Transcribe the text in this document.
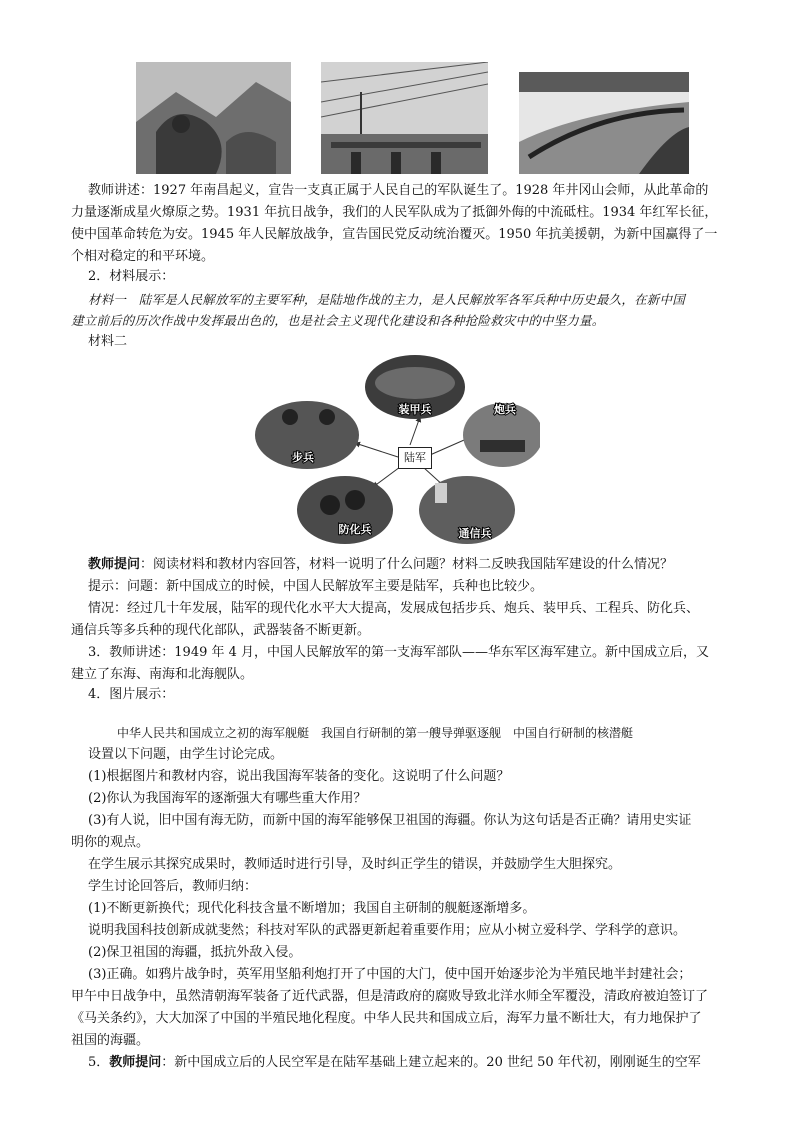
教师讲述：1927 年南昌起义，宣告一支真正属于人民自己的军队诞生了。1928 年井冈山会师，从此革命的
力量逐渐成星火燎原之势。1931 年抗日战争，我们的人民军队成为了抵御外侮的中流砥柱。1934 年红军长征，
使中国革命转危为安。1945 年人民解放战争，宣告国民党反动统治覆灭。1950 年抗美援朝，为新中国赢得了一
个相对稳定的和平环境。
2．材料展示：
材料一　陆军是人民解放军的主要军种，是陆地作战的主力，是人民解放军各军兵种中历史最久，在新中国
建立前后的历次作战中发挥最出色的，也是社会主义现代化建设和各种抢险救灾中的中坚力量。
材料二
装甲兵	炮兵
步兵
防化兵	通信兵
陆军
教师提问：阅读材料和教材内容回答，材料一说明了什么问题？材料二反映我国陆军建设的什么情况？
提示：问题：新中国成立的时候，中国人民解放军主要是陆军，兵种也比较少。
情况：经过几十年发展，陆军的现代化水平大大提高，发展成包括步兵、炮兵、装甲兵、工程兵、防化兵、
通信兵等多兵种的现代化部队，武器装备不断更新。
3．教师讲述：1949 年 4 月，中国人民解放军的第一支海军部队——华东军区海军建立。新中国成立后，又
建立了东海、南海和北海舰队。
4．图片展示：
中华人民共和国成立之初的海军舰艇　我国自行研制的第一艘导弹驱逐舰　中国自行研制的核潜艇
设置以下问题，由学生讨论完成。
(1)根据图片和教材内容，说出我国海军装备的变化。这说明了什么问题？
(2)你认为我国海军的逐渐强大有哪些重大作用？
(3)有人说，旧中国有海无防，而新中国的海军能够保卫祖国的海疆。你认为这句话是否正确？请用史实证
明你的观点。
在学生展示其探究成果时，教师适时进行引导，及时纠正学生的错误，并鼓励学生大胆探究。
学生讨论回答后，教师归纳：
(1)不断更新换代；现代化科技含量不断增加；我国自主研制的舰艇逐渐增多。
说明我国科技创新成就斐然；科技对军队的武器更新起着重要作用；应从小树立爱科学、学科学的意识。
(2)保卫祖国的海疆，抵抗外敌入侵。
(3)正确。如鸦片战争时，英军用坚船利炮打开了中国的大门，使中国开始逐步沦为半殖民地半封建社会；
甲午中日战争中，虽然清朝海军装备了近代武器，但是清政府的腐败导致北洋水师全军覆没，清政府被迫签订了
《马关条约》，大大加深了中国的半殖民地化程度。中华人民共和国成立后，海军力量不断壮大，有力地保护了
祖国的海疆。
5．教师提问：新中国成立后的人民空军是在陆军基础上建立起来的。20 世纪 50 年代初，刚刚诞生的空军
